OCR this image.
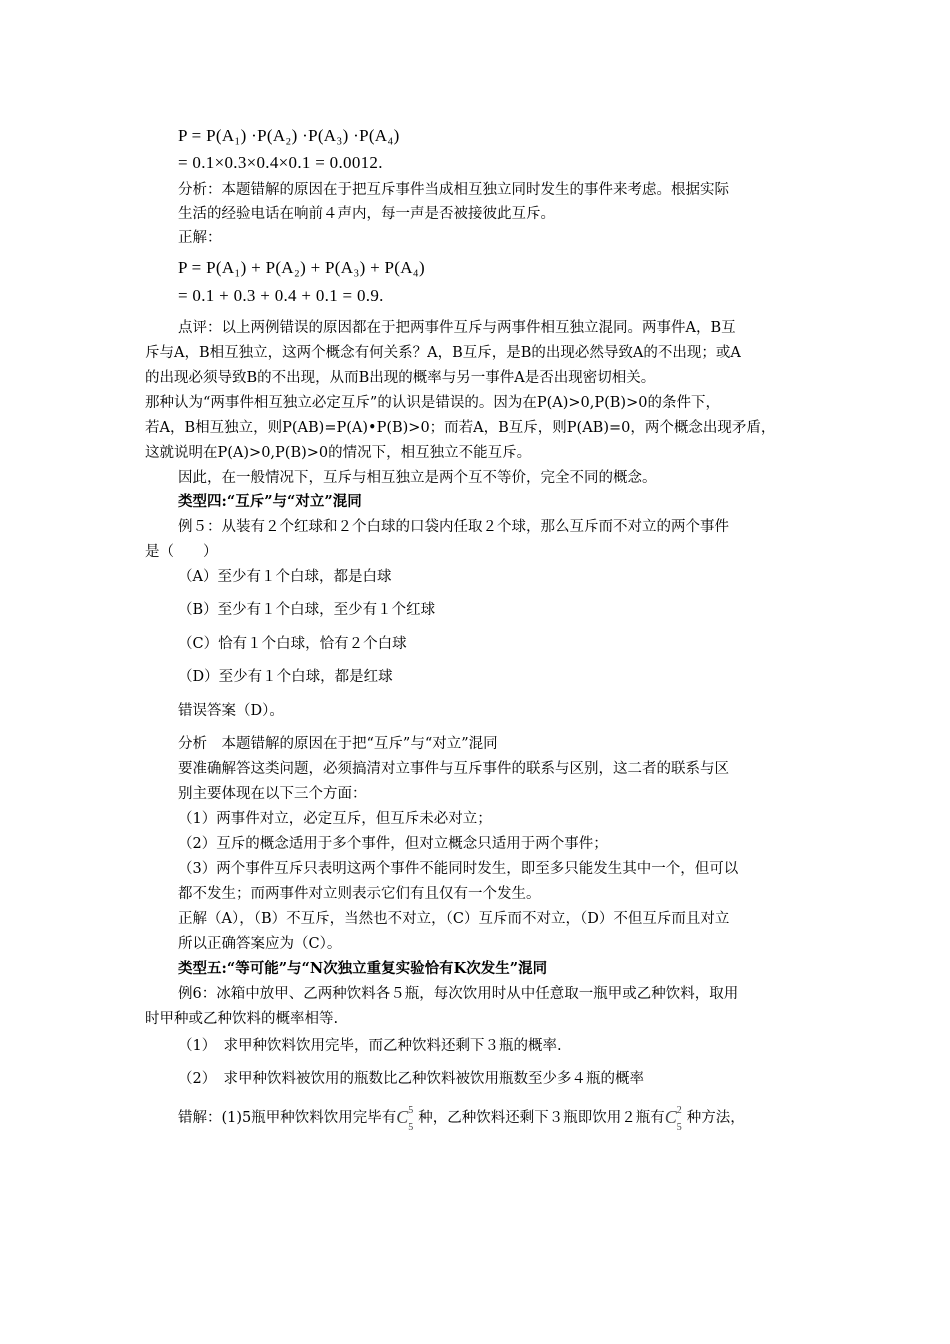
P = P(A₁) ·P(A₂) ·P(A₃) ·P(A₄)
= 0.1×0.3×0.4×0.1 = 0.0012.
分析：本题错解的原因在于把互斥事件当成相互独立同时发生的事件来考虑。根据实际
生活的经验电话在响前４声内，每一声是否被接彼此互斥。
正解：
P = P(A₁) + P(A₂) + P(A₃) + P(A₄)
= 0.1 + 0.3 + 0.4 + 0.1 = 0.9.
点评：以上两例错误的原因都在于把两事件互斥与两事件相互独立混同。两事件A，B互
斥与A，B相互独立，这两个概念有何关系？A，B互斥，是B的出现必然导致A的不出现；或A
的出现必须导致B的不出现，从而B出现的概率与另一事件A是否出现密切相关。
那种认为“两事件相互独立必定互斥”的认识是错误的。因为在P(A)>0,P(B)>0的条件下，
若A，B相互独立，则P(AB)=P(A)•P(B)>0；而若A，B互斥，则P(AB)=0，两个概念出现矛盾，
这就说明在P(A)>0,P(B)>0的情况下，相互独立不能互斥。
因此，在一般情况下，互斥与相互独立是两个互不等价，完全不同的概念。
类型四:“互斥”与“对立”混同
例５：从装有２个红球和２个白球的口袋内任取２个球，那么互斥而不对立的两个事件
是（　　）
（A）至少有１个白球，都是白球
（B）至少有１个白球，至少有１个红球
（C）恰有１个白球，恰有２个白球
（D）至少有１个白球，都是红球
错误答案（D）。
分析　本题错解的原因在于把“互斥”与“对立”混同
要准确解答这类问题，必须搞清对立事件与互斥事件的联系与区别，这二者的联系与区
别主要体现在以下三个方面：
（1）两事件对立，必定互斥，但互斥未必对立；
（2）互斥的概念适用于多个事件，但对立概念只适用于两个事件；
（3）两个事件互斥只表明这两个事件不能同时发生，即至多只能发生其中一个，但可以
都不发生；而两事件对立则表示它们有且仅有一个发生。
正解（A），（B）不互斥，当然也不对立，（C）互斥而不对立，（D）不但互斥而且对立
所以正确答案应为（C）。
类型五:“等可能”与“N次独立重复实验恰有K次发生”混同
例6：冰箱中放甲、乙两种饮料各５瓶，每次饮用时从中任意取一瓶甲或乙种饮料，取用
时甲种或乙种饮料的概率相等.
（1）　求甲种饮料饮用完毕，而乙种饮料还剩下３瓶的概率.
（2）　求甲种饮料被饮用的瓶数比乙种饮料被饮用瓶数至少多４瓶的概率
错解：(1)5瓶甲种饮料饮用完毕有 C 5
5
种，乙种饮料还剩下３瓶即饮用２瓶有 C 2
5
种方法，
